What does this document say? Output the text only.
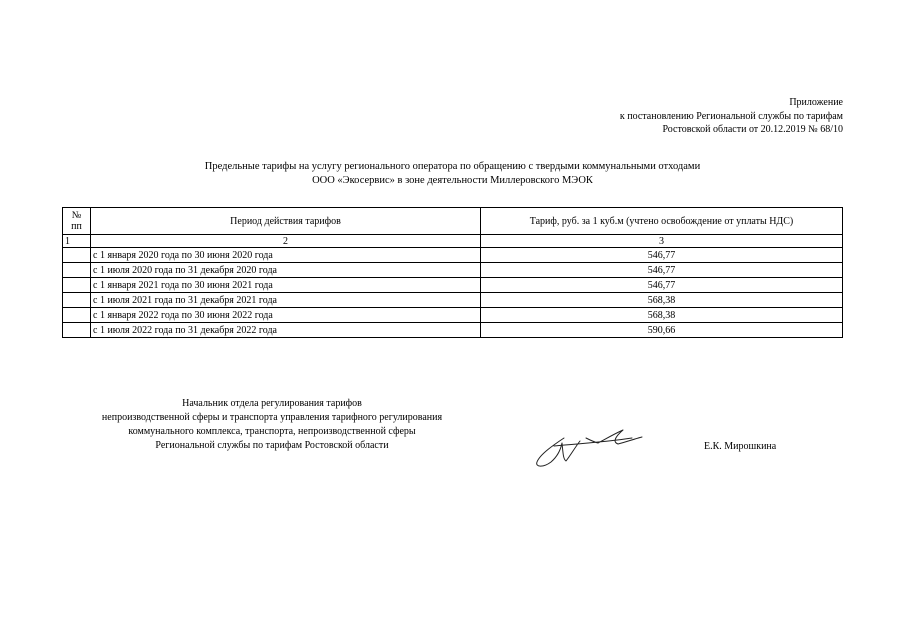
Приложение
к постановлению Региональной службы по тарифам
Ростовской области от 20.12.2019 № 68/10
Предельные тарифы на услугу регионального оператора по обращению с твердыми коммунальными отходами
ООО «Экосервис» в зоне деятельности Миллеровского МЭОК
№
пп	Период действия тарифов	Тариф, руб. за 1 куб.м (учтено освобождение от уплаты НДС)
1	2	3
	с 1 января 2020 года по 30 июня 2020 года	546,77
	с 1 июля 2020 года по 31 декабря 2020 года	546,77
	с 1 января 2021 года по 30 июня 2021 года	546,77
	с 1 июля 2021 года по 31 декабря 2021 года	568,38
	с 1 января 2022 года по 30 июня 2022 года	568,38
	с 1 июля 2022 года по 31 декабря 2022 года	590,66
Начальник отдела регулирования тарифов
непроизводственной сферы и транспорта управления тарифного регулирования
коммунального комплекса, транспорта, непроизводственной сферы
Региональной службы по тарифам Ростовской области	Е.К. Мирошкина
